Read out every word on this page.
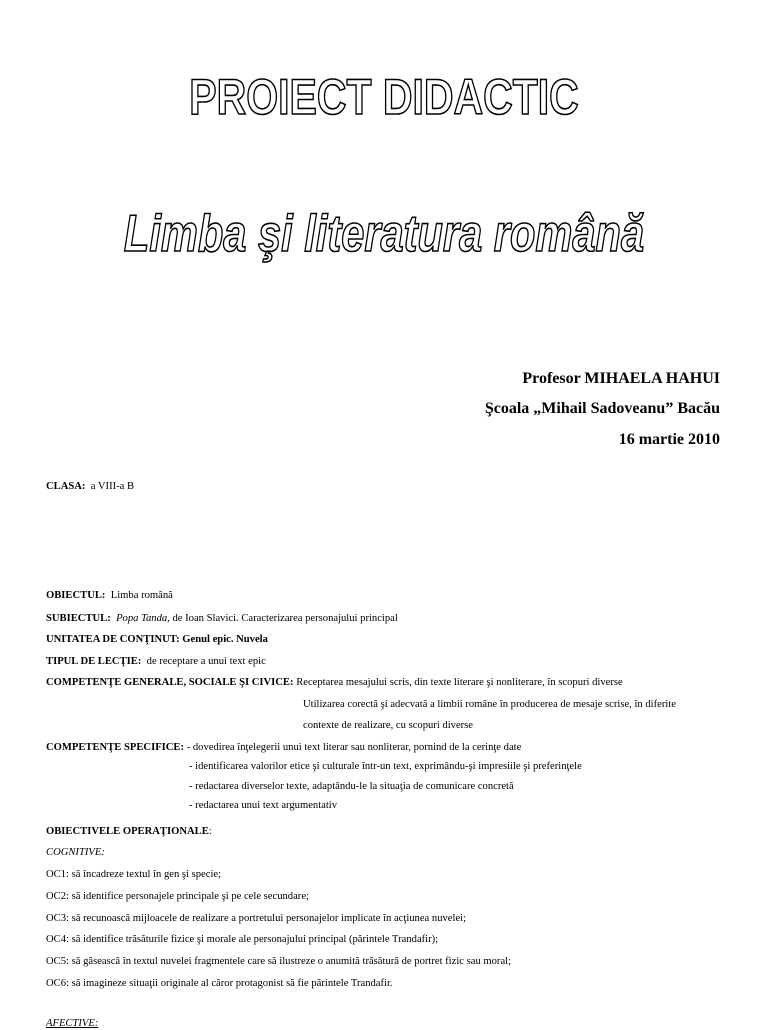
PROIECT DIDACTIC
Limba şi literatura română
Profesor MIHAELA HAHUI
Şcoala „Mihail Sadoveanu” Bacău
16 martie 2010
CLASA: a VIII-a B
OBIECTUL: Limba română
SUBIECTUL: Popa Tanda, de Ioan Slavici. Caracterizarea personajului principal
UNITATEA DE CONŢINUT: Genul epic. Nuvela
TIPUL DE LECŢIE: de receptare a unui text epic
COMPETENŢE GENERALE, SOCIALE ŞI CIVICE: Receptarea mesajului scris, din texte literare şi nonliterare, în scopuri diverse
Utilizarea corectă şi adecvată a limbii române în producerea de mesaje scrise, în diferite
contexte de realizare, cu scopuri diverse
COMPETENŢE SPECIFICE: - dovedirea înţelegerii unui text literar sau nonliterar, pornind de la cerinţe date
- identificarea valorilor etice şi culturale într-un text, exprimându-şi impresiile şi preferinţele
- redactarea diverselor texte, adaptându-le la situaţia de comunicare concretă
- redactarea unui text argumentativ
OBIECTIVELE OPERAŢIONALE:
COGNITIVE:
OC1: să încadreze textul în gen şi specie;
OC2: să identifice personajele principale şi pe cele secundare;
OC3: să recunoască mijloacele de realizare a portretului personajelor implicate în acţiunea nuvelei;
OC4: să identifice trăsăturile fizice şi morale ale personajului principal (părintele Trandafir);
OC5: să găsească în textul nuvelei fragmentele care să ilustreze o anumită trăsătură de portret fizic sau moral;
OC6: să imagineze situaţii originale al căror protagonist să fie părintele Trandafir.
AFECTIVE:
